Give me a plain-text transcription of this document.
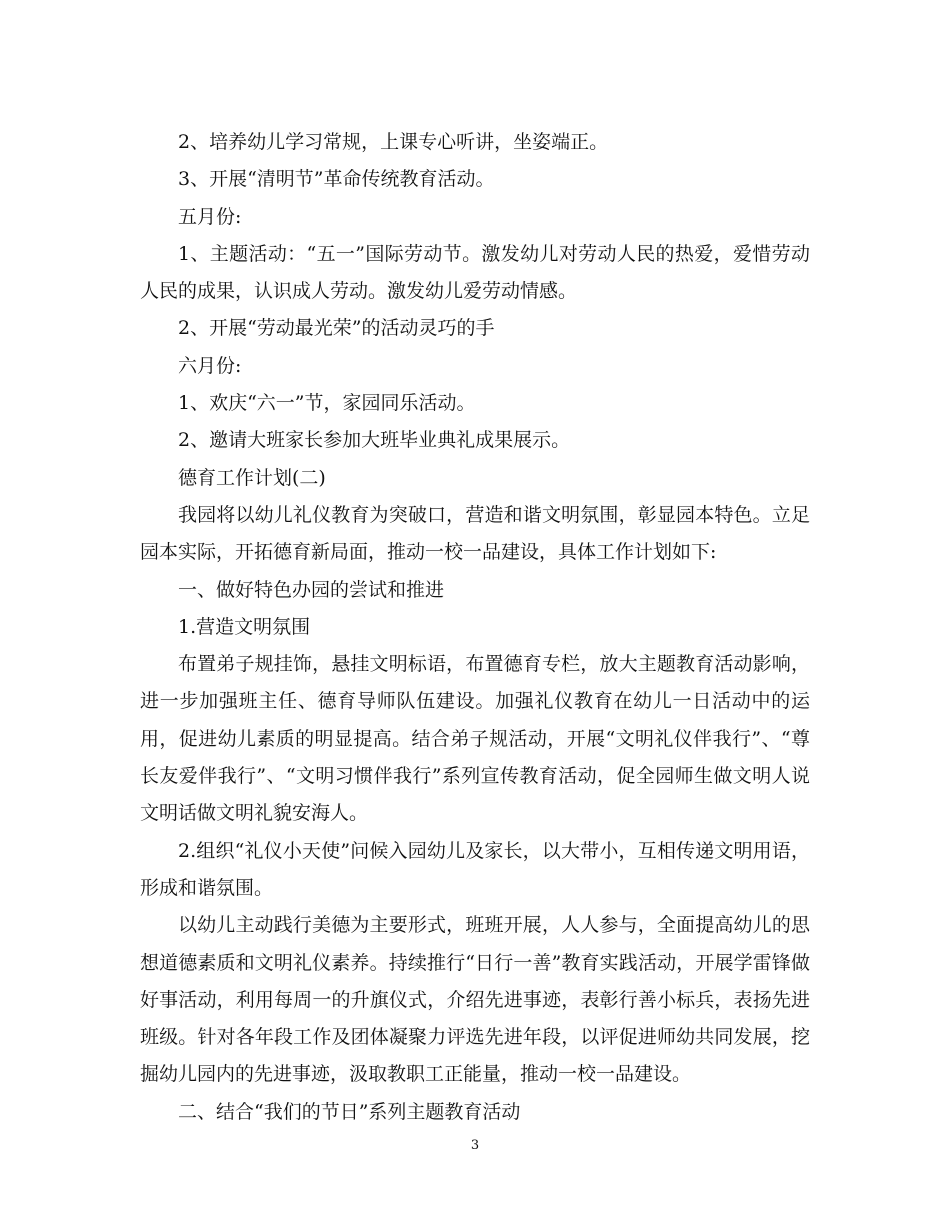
2、培养幼儿学习常规，上课专心听讲，坐姿端正。

3、开展“清明节”革命传统教育活动。

五月份:

1、主题活动：“五一”国际劳动节。激发幼儿对劳动人民的热爱，爱惜劳动人民的成果，认识成人劳动。激发幼儿爱劳动情感。

2、开展“劳动最光荣”的活动灵巧的手

六月份:

1、欢庆“六一”节，家园同乐活动。

2、邀请大班家长参加大班毕业典礼成果展示。

德育工作计划(二)

我园将以幼儿礼仪教育为突破口，营造和谐文明氛围，彰显园本特色。立足园本实际，开拓德育新局面，推动一校一品建设，具体工作计划如下:

一、做好特色办园的尝试和推进

1.营造文明氛围

布置弟子规挂饰，悬挂文明标语，布置德育专栏，放大主题教育活动影响，进一步加强班主任、德育导师队伍建设。加强礼仪教育在幼儿一日活动中的运用，促进幼儿素质的明显提高。结合弟子规活动，开展“文明礼仪伴我行”、“尊长友爱伴我行”、“文明习惯伴我行”系列宣传教育活动，促全园师生做文明人说文明话做文明礼貌安海人。

2.组织“礼仪小天使”问候入园幼儿及家长，以大带小，互相传递文明用语，形成和谐氛围。

以幼儿主动践行美德为主要形式，班班开展，人人参与，全面提高幼儿的思想道德素质和文明礼仪素养。持续推行“日行一善”教育实践活动，开展学雷锋做好事活动，利用每周一的升旗仪式，介绍先进事迹，表彰行善小标兵，表扬先进班级。针对各年段工作及团体凝聚力评选先进年段，以评促进师幼共同发展，挖掘幼儿园内的先进事迹，汲取教职工正能量，推动一校一品建设。

二、结合“我们的节日”系列主题教育活动

3
